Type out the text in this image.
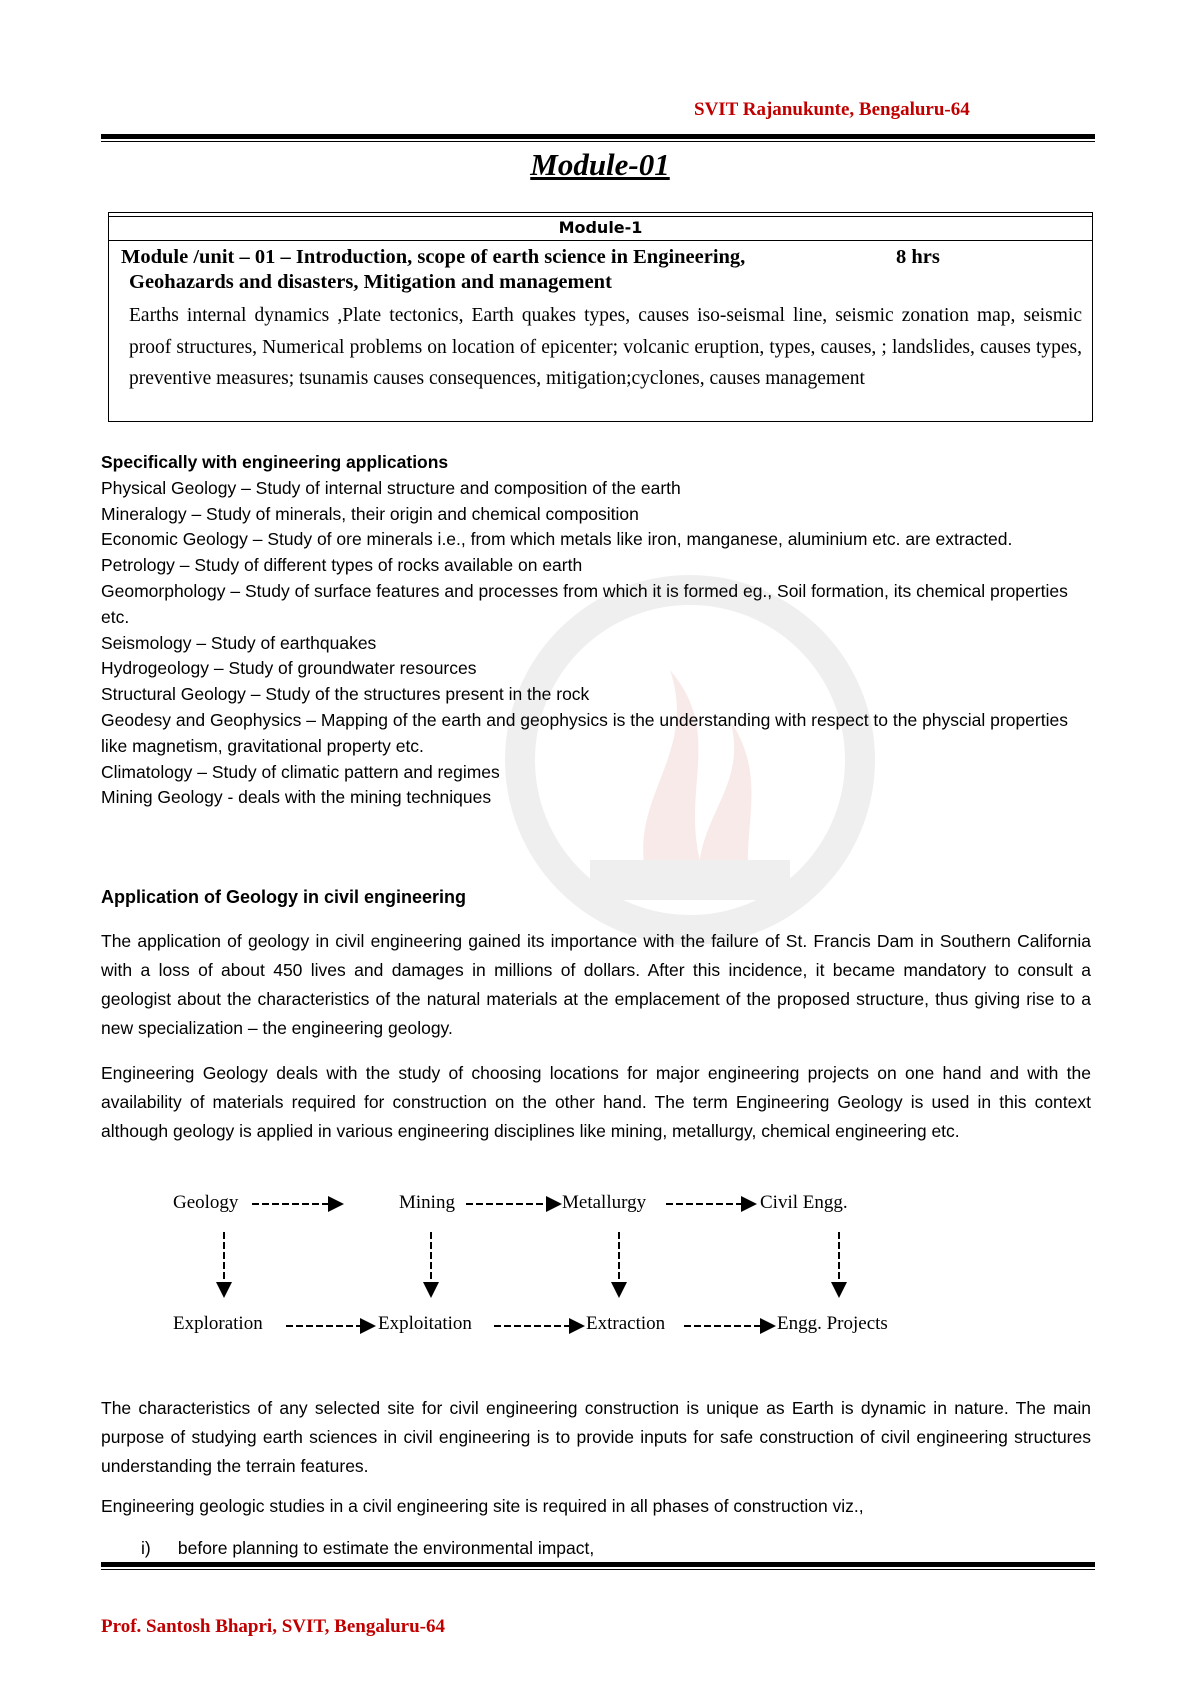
SVIT Rajanukunte, Bengaluru-64
Module-01
Module-1
Module /unit – 01 – Introduction, scope of earth science in Engineering,	8 hrs
Geohazards and disasters, Mitigation and management
Earths internal dynamics ,Plate tectonics, Earth quakes types, causes iso-seismal line, seismic zonation map, seismic proof structures, Numerical problems on location of epicenter; volcanic eruption, types, causes, ; landslides, causes types, preventive measures; tsunamis causes consequences, mitigation;cyclones, causes management
Specifically with engineering applications
Physical Geology – Study of internal structure and composition of the earth
Mineralogy – Study of minerals, their origin and chemical composition
Economic Geology – Study of ore minerals i.e., from which metals like iron, manganese, aluminium etc. are extracted.
Petrology – Study of different types of rocks available on earth
Geomorphology – Study of surface features and processes from which it is formed eg., Soil formation, its chemical properties etc.
Seismology – Study of earthquakes
Hydrogeology – Study of groundwater resources
Structural Geology – Study of the structures present in the rock
Geodesy and Geophysics – Mapping of the earth and geophysics is the understanding with respect to the physcial properties like magnetism, gravitational property etc.
Climatology – Study of climatic pattern and regimes
Mining Geology - deals with the mining techniques
Application of Geology in civil engineering
The application of geology in civil engineering gained its importance with the failure of St. Francis Dam in Southern California with a loss of about 450 lives and damages in millions of dollars. After this incidence, it became mandatory to consult a geologist about the characteristics of the natural materials at the emplacement of the proposed structure, thus giving rise to a new specialization – the engineering geology.
Engineering Geology deals with the study of choosing locations for major engineering projects on one hand and with the availability of materials required for construction on the other hand. The term Engineering Geology is used in this context although geology is applied in various engineering disciplines like mining, metallurgy, chemical engineering etc.
Geology	Mining	Metallurgy	Civil Engg.
Exploration	Exploitation	Extraction	Engg. Projects
The characteristics of any selected site for civil engineering construction is unique as Earth is dynamic in nature. The main purpose of studying earth sciences in civil engineering is to provide inputs for safe construction of civil engineering structures understanding the terrain features.
Engineering geologic studies in a civil engineering site is required in all phases of construction viz.,
i) before planning to estimate the environmental impact,
Prof. Santosh Bhapri, SVIT, Bengaluru-64
